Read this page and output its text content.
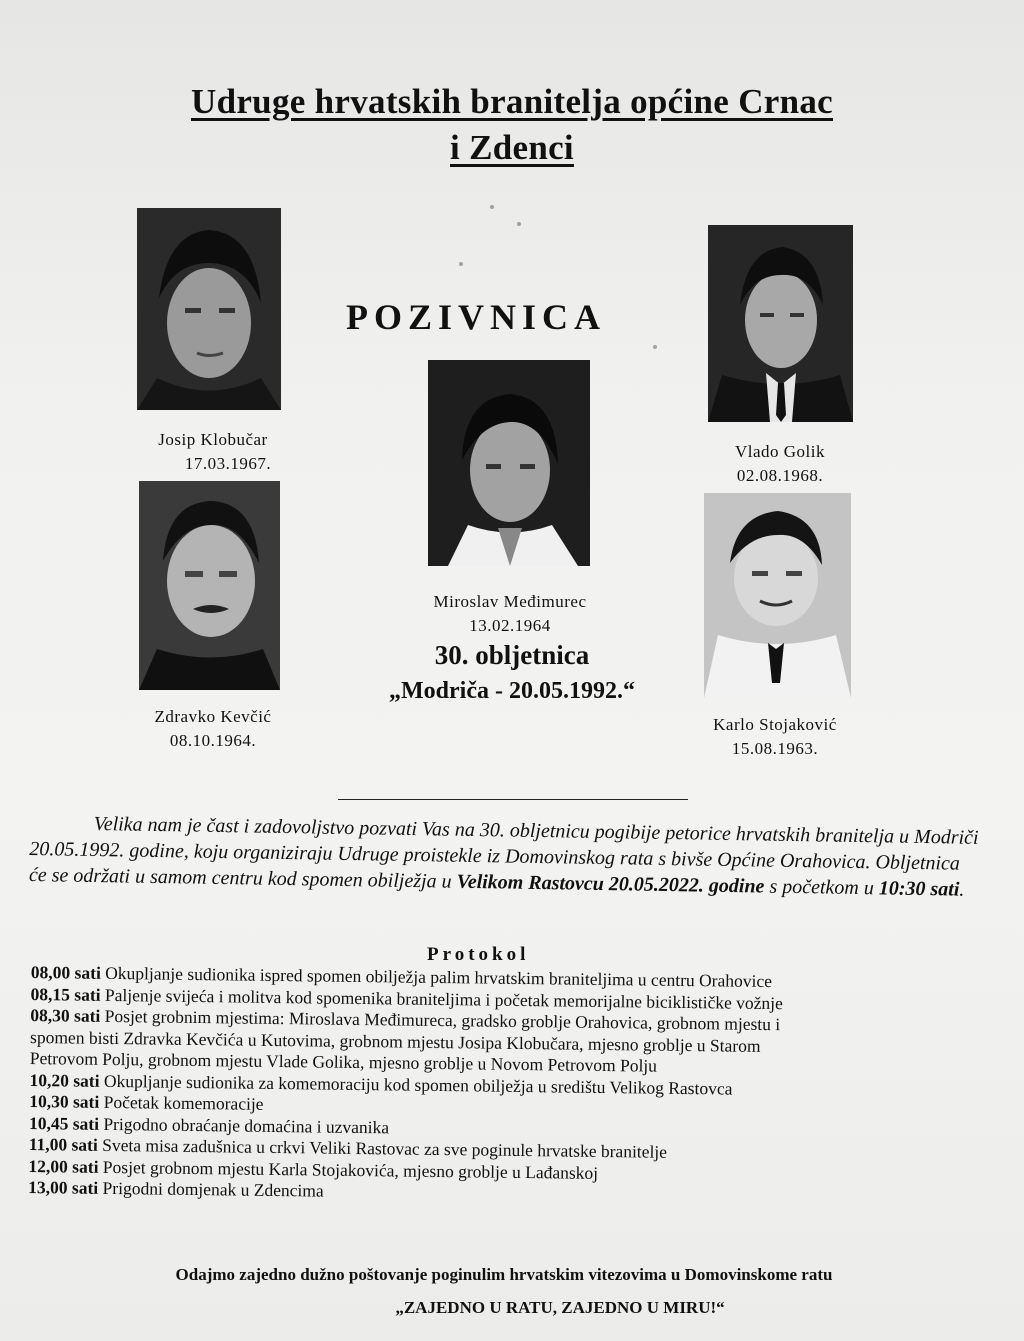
Udruge hrvatskih branitelja općine Crnac
i Zdenci
POZIVNICA
Josip Klobučar
17.03.1967.
Vlado Golik
02.08.1968.
Miroslav Međimurec
13.02.1964
Zdravko Kevčić
08.10.1964.
Karlo Stojaković
15.08.1963.
30. obljetnica
„Modriča - 20.05.1992.“
Velika nam je čast i zadovoljstvo pozvati Vas na 30. obljetnicu pogibije petorice hrvatskih branitelja u Modriči 20.05.1992. godine, koju organiziraju Udruge proistekle iz Domovinskog rata s bivše Općine Orahovica. Obljetnica će se održati u samom centru kod spomen obilježja u Velikom Rastovcu 20.05.2022. godine s početkom u 10:30 sati.
Protokol
08,00 sati Okupljanje sudionika ispred spomen obilježja palim hrvatskim braniteljima u centru Orahovice
08,15 sati Paljenje svijeća i molitva kod spomenika braniteljima i početak memorijalne biciklističke vožnje
08,30 sati Posjet grobnim mjestima: Miroslava Međimureca, gradsko groblje Orahovica, grobnom mjestu i
spomen bisti Zdravka Kevčića u Kutovima, grobnom mjestu Josipa Klobučara, mjesno groblje u Starom
Petrovom Polju, grobnom mjestu Vlade Golika, mjesno groblje u Novom Petrovom Polju
10,20 sati Okupljanje sudionika za komemoraciju kod spomen obilježja u središtu Velikog Rastovca
10,30 sati Početak komemoracije
10,45 sati Prigodno obraćanje domaćina i uzvanika
11,00 sati Sveta misa zadušnica u crkvi Veliki Rastovac za sve poginule hrvatske branitelje
12,00 sati Posjet grobnom mjestu Karla Stojakovića, mjesno groblje u Lađanskoj
13,00 sati Prigodni domjenak u Zdencima
Odajmo zajedno dužno poštovanje poginulim hrvatskim vitezovima u Domovinskome ratu
„ZAJEDNO U RATU, ZAJEDNO U MIRU!“
